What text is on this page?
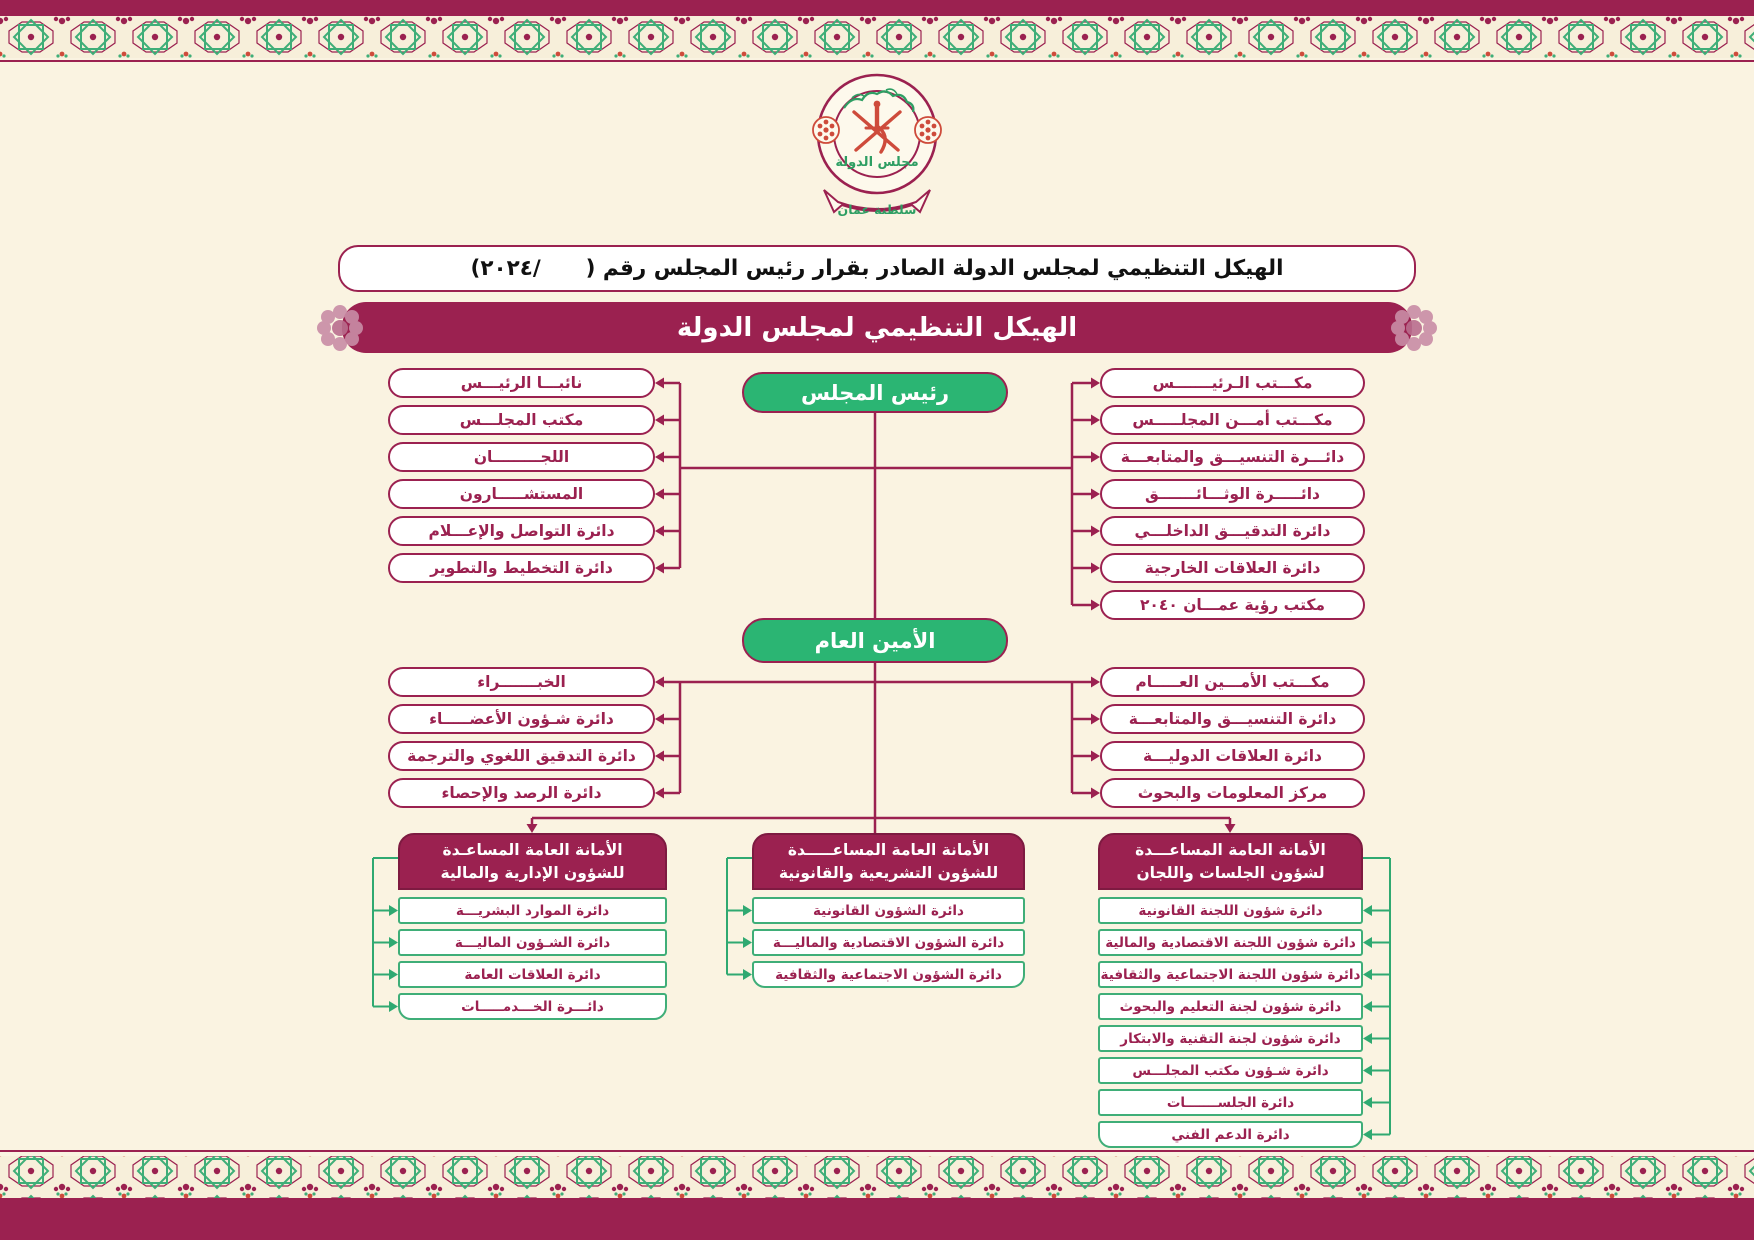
مجلس الدولة
سلطنة عمان
الهيكل التنظيمي لمجلس الدولة الصادر بقرار رئيس المجلس رقم (      /٢٠٢٤)
الهيكل التنظيمي لمجلس الدولة
رئيس المجلس
الأمين العام
نائبـــا الرئيـــس
مكتب المجلـــس
اللجـــــــــان
المستشـــــارون
دائرة التواصل والإعـــلام
دائرة التخطيط والتطوير
مكـــتب الـرئيـــــــس
مكـــتب أمـــن المجلـــــس
دائـــرة التنسيـــق والمتابعـــة
دائـــــرة الوثـــائـــــــق
دائرة التدقيـــق الداخلـــي
دائرة العلاقات الخارجية
مكتب رؤية عمـــان ٢٠٤٠
الخبـــــــراء
دائرة شـؤون الأعضـــــاء
دائرة التدقيق اللغوي والترجمة
دائرة الرصد والإحصاء
مكـــتب الأمـــين العـــــام
دائرة التنسيـــق والمتابعـــة
دائرة العلاقات الدوليـــة
مركز المعلومات والبحوث
الأمانة العامة المساعـدة
للشؤون الإدارية والمالية
دائرة الموارد البشريـــة
دائرة الشـؤون الماليـــة
دائرة العلاقات العامة
دائـــرة الخـــدمـــــات
الأمانة العامة المساعـــــدة
للشؤون التشريعية والقانونية
دائرة الشؤون القانونية
دائرة الشؤون الاقتصادية والماليـــة
دائرة الشؤون الاجتماعية والثقافية
الأمانة العامة المساعـــدة
لشؤون الجلسات واللجان
دائرة شؤون اللجنة القانونية
دائرة شؤون اللجنة الاقتصادية والمالية
دائرة شؤون اللجنة الاجتماعية والثقافية
دائرة شؤون لجنة التعليم والبحوث
دائرة شؤون لجنة التقنية والابتكار
دائرة شـؤون مكتب المجلـــس
دائرة الجلســـــــات
دائرة الدعم الفني
